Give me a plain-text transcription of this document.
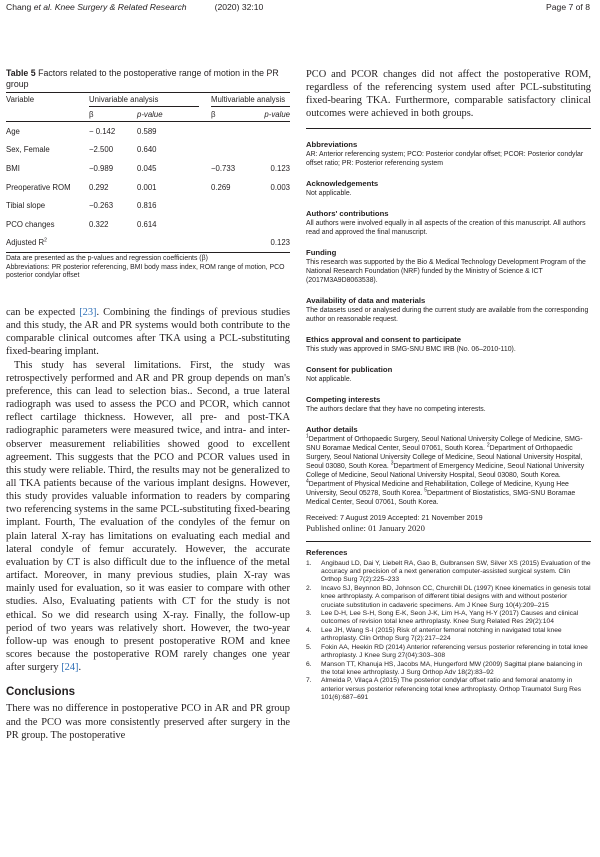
Chang et al. Knee Surgery & Related Research	(2020) 32:10	Page 7 of 8
Table 5 Factors related to the postoperative range of motion in the PR group
Variable	Univariable analysis			Multivariable analysis	
	β	p-value		β	p-value
Age	− 0.142	0.589			
Sex, Female	−2.500	0.640			
BMI	−0.989	0.045		−0.733	0.123
Preoperative ROM	0.292	0.001		0.269	0.003
Tibial slope	−0.263	0.816			
PCO changes	0.322	0.614			
Adjusted $R^2$					0.123
Data are presented as the p-values and regression coefficients (β)
Abbreviations: PR posterior referencing, BMI body mass index, ROM range of motion, PCO posterior condylar offset

can be expected [23]. Combining the findings of previous studies and this study, the AR and PR systems would both contribute to the comparable clinical outcomes after TKA using a PCL-substituting fixed-bearing implant.

This study has several limitations. First, the study was retrospectively performed and AR and PR group depends on man's preference, this can lead to selection bias.. Second, a true lateral radiograph was used to assess the PCO and PCOR, which cannot reflect cartilage thickness. However, all pre- and post-TKA radiographic parameters were measured twice, and intra- and inter-observer measurement reliabilities showed good to excellent agreement. This suggests that the PCO and PCOR values used in this study were reliable. Third, the results may not be generalized to all TKA patients because of the various implant designs. However, this study provides valuable information to readers by comparing two referencing systems in the same PCL-substituting fixed-bearing implant. Fourth, The evaluation of the condyles of the femur on plain lateral X-ray has limitations on evaluating each medial and lateral condyle of femur accurately. However, the accurate evaluation by CT is also difficult due to the influence of the metal artifact. Moreover, in many previous studies, plain X-ray was mainly used for evaluation, so it was easier to compare with other studies. Also, Evaluating patients with CT for the study is not ethical. So we did research using X-ray. Finally, the follow-up period of two years was relatively short. However, the two-year follow-up was enough to present postoperative ROM and knee scores because the postoperative ROM rarely changes one year after surgery [24].

Conclusions

There was no difference in postoperative PCO in AR and PR group and the PCO was more consistently preserved after surgery in the PR group. The postoperative

PCO and PCOR changes did not affect the postoperative ROM, regardless of the referencing system used after PCL-substituting fixed-bearing TKA. Furthermore, comparable satisfactory clinical outcomes were achieved in both groups.

Abbreviations
AR: Anterior referencing system; PCO: Posterior condylar offset; PCOR: Posterior condylar offset ratio; PR: Posterior referencing system
Acknowledgements
Not applicable.
Authors' contributions
All authors were involved equally in all aspects of the creation of this manuscript. All authors read and approved the final manuscript.
Funding
This research was supported by the Bio & Medical Technology Development Program of the National Research Foundation (NRF) funded by the Ministry of Science & ICT (2017M3A9D8063538).
Availability of data and materials
The datasets used or analysed during the current study are available from the corresponding author on reasonable request.
Ethics approval and consent to participate
This study was approved in SMG-SNU BMC IRB (No. 06–2010-110).
Consent for publication
Not applicable.
Competing interests
The authors declare that they have no competing interests.
Author details
$^1$Department of Orthopaedic Surgery, Seoul National University College of Medicine, SMG-SNU Boramae Medical Center, Seoul 07061, South Korea. $^2$Department of Orthopaedic Surgery, Seoul National University College of Medicine, Seoul National University Hospital, Seoul 03080, South Korea. $^3$Department of Emergency Medicine, Seoul National University College of Medicine, Seoul National University Hospital, Seoul 03080, South Korea. $^4$Department of Physical Medicine and Rehabilitation, College of Medicine, Kyung Hee University, Seoul 05278, South Korea. $^5$Department of Biostatistics, SMG-SNU Boramae Medical Center, Seoul 07061, South Korea.
Received: 7 August 2019 Accepted: 21 November 2019
Published online: 01 January 2020
References
1. Angibaud LD, Dai Y, Liebelt RA, Gao B, Gulbransen SW, Silver XS (2015) Evaluation of the accuracy and precision of a next generation computer-assisted surgical system. Clin Orthop Surg 7(2):225–233
2. Incavo SJ, Beynnon BD, Johnson CC, Churchill DL (1997) Knee kinematics in genesis total knee arthroplasty. A comparison of different tibial designs with and without posterior cruciate substitution in cadaveric specimens. Am J Knee Surg 10(4):209–215
3. Lee D-H, Lee S-H, Song E-K, Seon J-K, Lim H-A, Yang H-Y (2017) Causes and clinical outcomes of revision total knee arthroplasty. Knee Surg Related Res 29(2):104
4. Lee JH, Wang S-I (2015) Risk of anterior femoral notching in navigated total knee arthroplasty. Clin Orthop Surg 7(2):217–224
5. Fokin AA, Heekin RD (2014) Anterior referencing versus posterior referencing in total knee arthroplasty. J Knee Surg 27(04):303–308
6. Manson TT, Khanuja HS, Jacobs MA, Hungerford MW (2009) Sagittal plane balancing in the total knee arthroplasty. J Surg Orthop Adv 18(2):83–92
7. Almeida P, Vilaça A (2015) The posterior condylar offset ratio and femoral anatomy in anterior versus posterior referencing total knee arthroplasty. Orthop Traumatol Surg Res 101(6):687–691
